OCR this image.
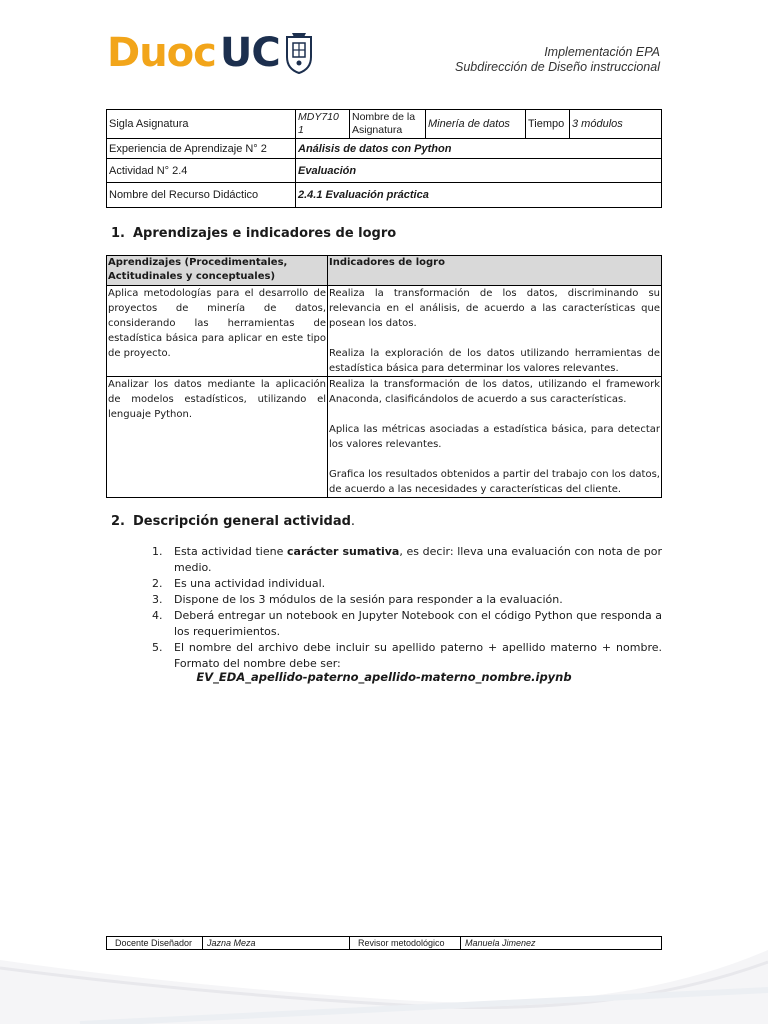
Duoc UC	Implementación EPA
Subdirección de Diseño instruccional
Sigla Asignatura	MDY710 1	Nombre de la Asignatura	Minería de datos	Tiempo	3 módulos
Experiencia de Aprendizaje N° 2	Análisis de datos con Python				
Actividad N° 2.4	Evaluación				
Nombre del Recurso Didáctico	2.4.1 Evaluación práctica				
1. Aprendizajes e indicadores de logro
Aprendizajes (Procedimentales, Actitudinales y conceptuales)	Indicadores de logro
Aplica metodologías para el desarrollo de proyectos de minería de datos, considerando las herramientas de estadística básica para aplicar en este tipo de proyecto.	Realiza la transformación de los datos, discriminando su relevancia en el análisis, de acuerdo a las características que posean los datos.

Realiza la exploración de los datos utilizando herramientas de estadística básica para determinar los valores relevantes.

Analizar los datos mediante la aplicación de modelos estadísticos, utilizando el lenguaje Python.	Realiza la transformación de los datos, utilizando el framework Anaconda, clasificándolos de acuerdo a sus características.

Aplica las métricas asociadas a estadística básica, para detectar los valores relevantes.

Grafica los resultados obtenidos a partir del trabajo con los datos, de acuerdo a las necesidades y características del cliente.

2. Descripción general actividad.
1.	Esta actividad tiene carácter sumativa, es decir: lleva una evaluación con nota de por medio.
2.	Es una actividad individual.
3.	Dispone de los 3 módulos de la sesión para responder a la evaluación.
4.	Deberá entregar un notebook en Jupyter Notebook con el código Python que responda a los requerimientos.
5.	El nombre del archivo debe incluir su apellido paterno + apellido materno + nombre. Formato del nombre debe ser:
EV_EDA_apellido-paterno_apellido-materno_nombre.ipynb
Docente Diseñador	Jazna Meza	Revisor metodológico	Manuela Jimenez
